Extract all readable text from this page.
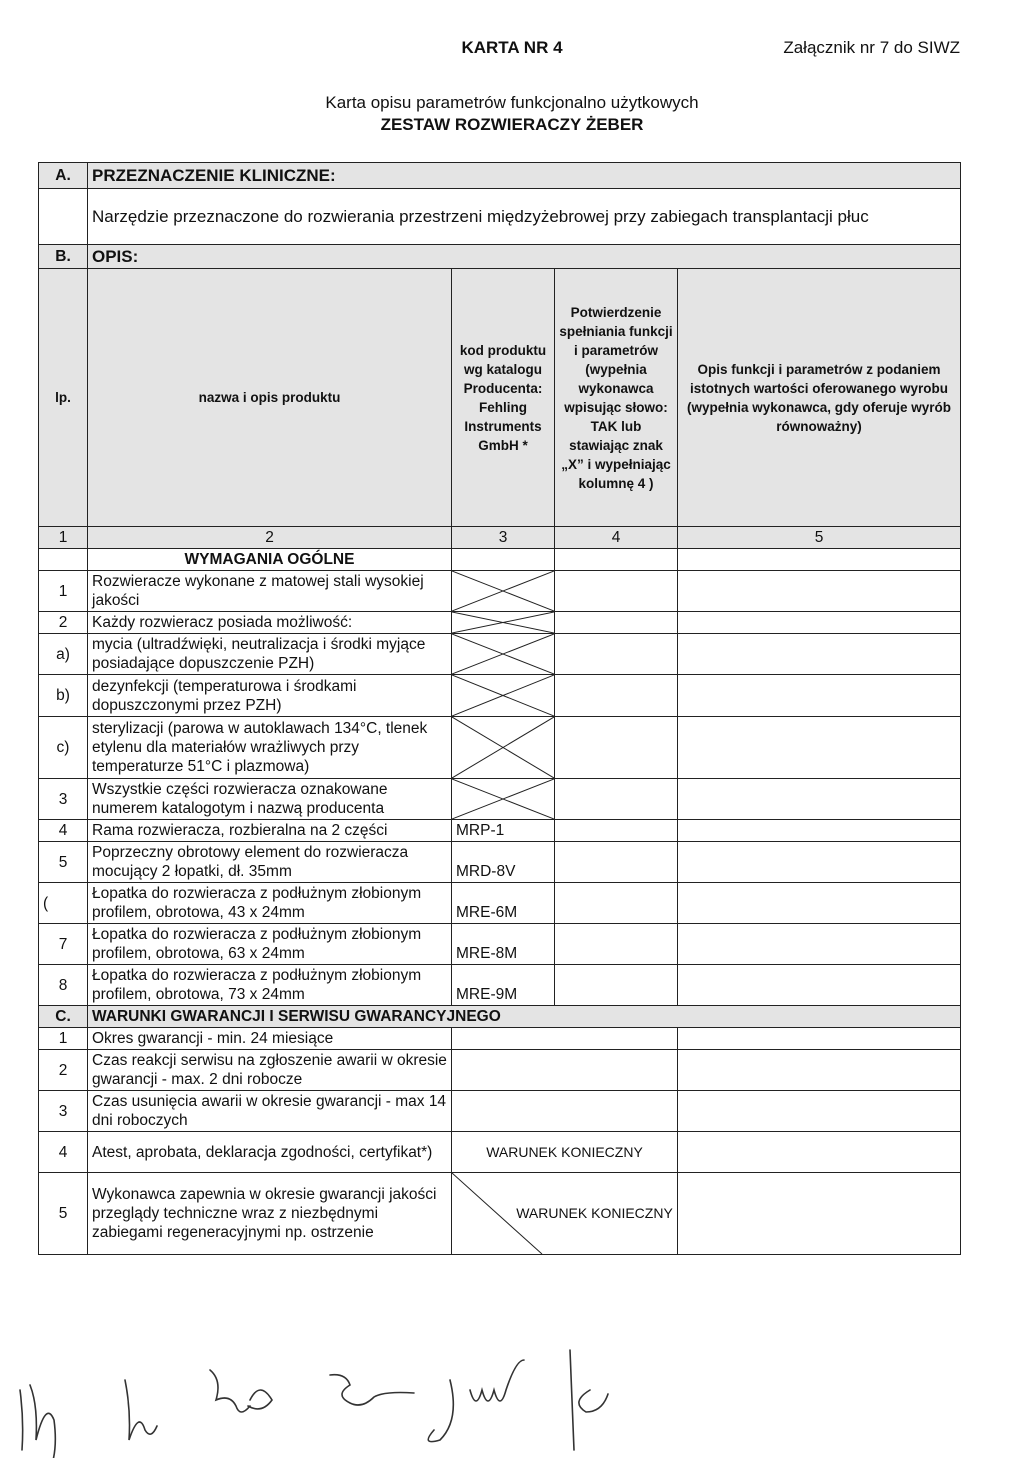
KARTA NR 4	Załącznik nr 7 do SIWZ
Karta opisu parametrów funkcjonalno użytkowych
ZESTAW ROZWIERACZY ŻEBER
A.	PRZEZNACZENIE KLINICZNE:			
	Narzędzie przeznaczone do rozwierania przestrzeni międzyżebrowej przy zabiegach transplantacji płuc			
B.	OPIS:			
lp.	nazwa i opis produktu	kod produktu wg katalogu Producenta: Fehling Instruments GmbH *	Potwierdzenie spełniania funkcji i parametrów (wypełnia wykonawca wpisując słowo: TAK lub stawiając znak „X” i wypełniając kolumnę 4 )	Opis funkcji i parametrów z podaniem istotnych wartości oferowanego wyrobu (wypełnia wykonawca, gdy oferuje wyrób równoważny)
1	2	3	4	5
	WYMAGANIA OGÓLNE			
1	Rozwieracze wykonane z matowej stali wysokiej jakości	

2	Każdy rozwieracz posiada możliwość:	

a)	mycia (ultradźwięki, neutralizacja i środki myjące posiadające dopuszczenie PZH)	

b)	dezynfekcji (temperaturowa i środkami dopuszczonymi przez PZH)	

c)	sterylizacji (parowa w autoklawach 134°C, tlenek etylenu dla materiałów wrażliwych przy temperaturze 51°C i plazmowa)	

3	Wszystkie części rozwieracza oznakowane numerem katalogotym i nazwą producenta	

4	Rama rozwieracza, rozbieralna na 2 części	MRP-1		
5	Poprzeczny obrotowy element do rozwieracza mocujący 2 łopatki, dł. 35mm	MRD-8V		
(	Łopatka do rozwieracza z podłużnym złobionym profilem, obrotowa, 43 x 24mm	MRE-6M		
7	Łopatka do rozwieracza z podłużnym złobionym profilem, obrotowa, 63 x 24mm	MRE-8M		
8	Łopatka do rozwieracza z podłużnym złobionym profilem, obrotowa, 73 x 24mm	MRE-9M		
C.	WARUNKI GWARANCJI I SERWISU GWARANCYJNEGO			
1	Okres gwarancji - min. 24 miesiące			
2	Czas reakcji serwisu na zgłoszenie awarii w okresie gwarancji - max. 2 dni robocze			
3	Czas usunięcia awarii w okresie gwarancji - max 14 dni roboczych			
4	Atest, aprobata, deklaracja zgodności, certyfikat*)	WARUNEK KONIECZNY		
5	Wykonawca zapewnia w okresie gwarancji jakości przeglądy techniczne wraz z niezbędnymi zabiegami regeneracyjnymi np. ostrzenie	WARUNEK KONIECZNY		
